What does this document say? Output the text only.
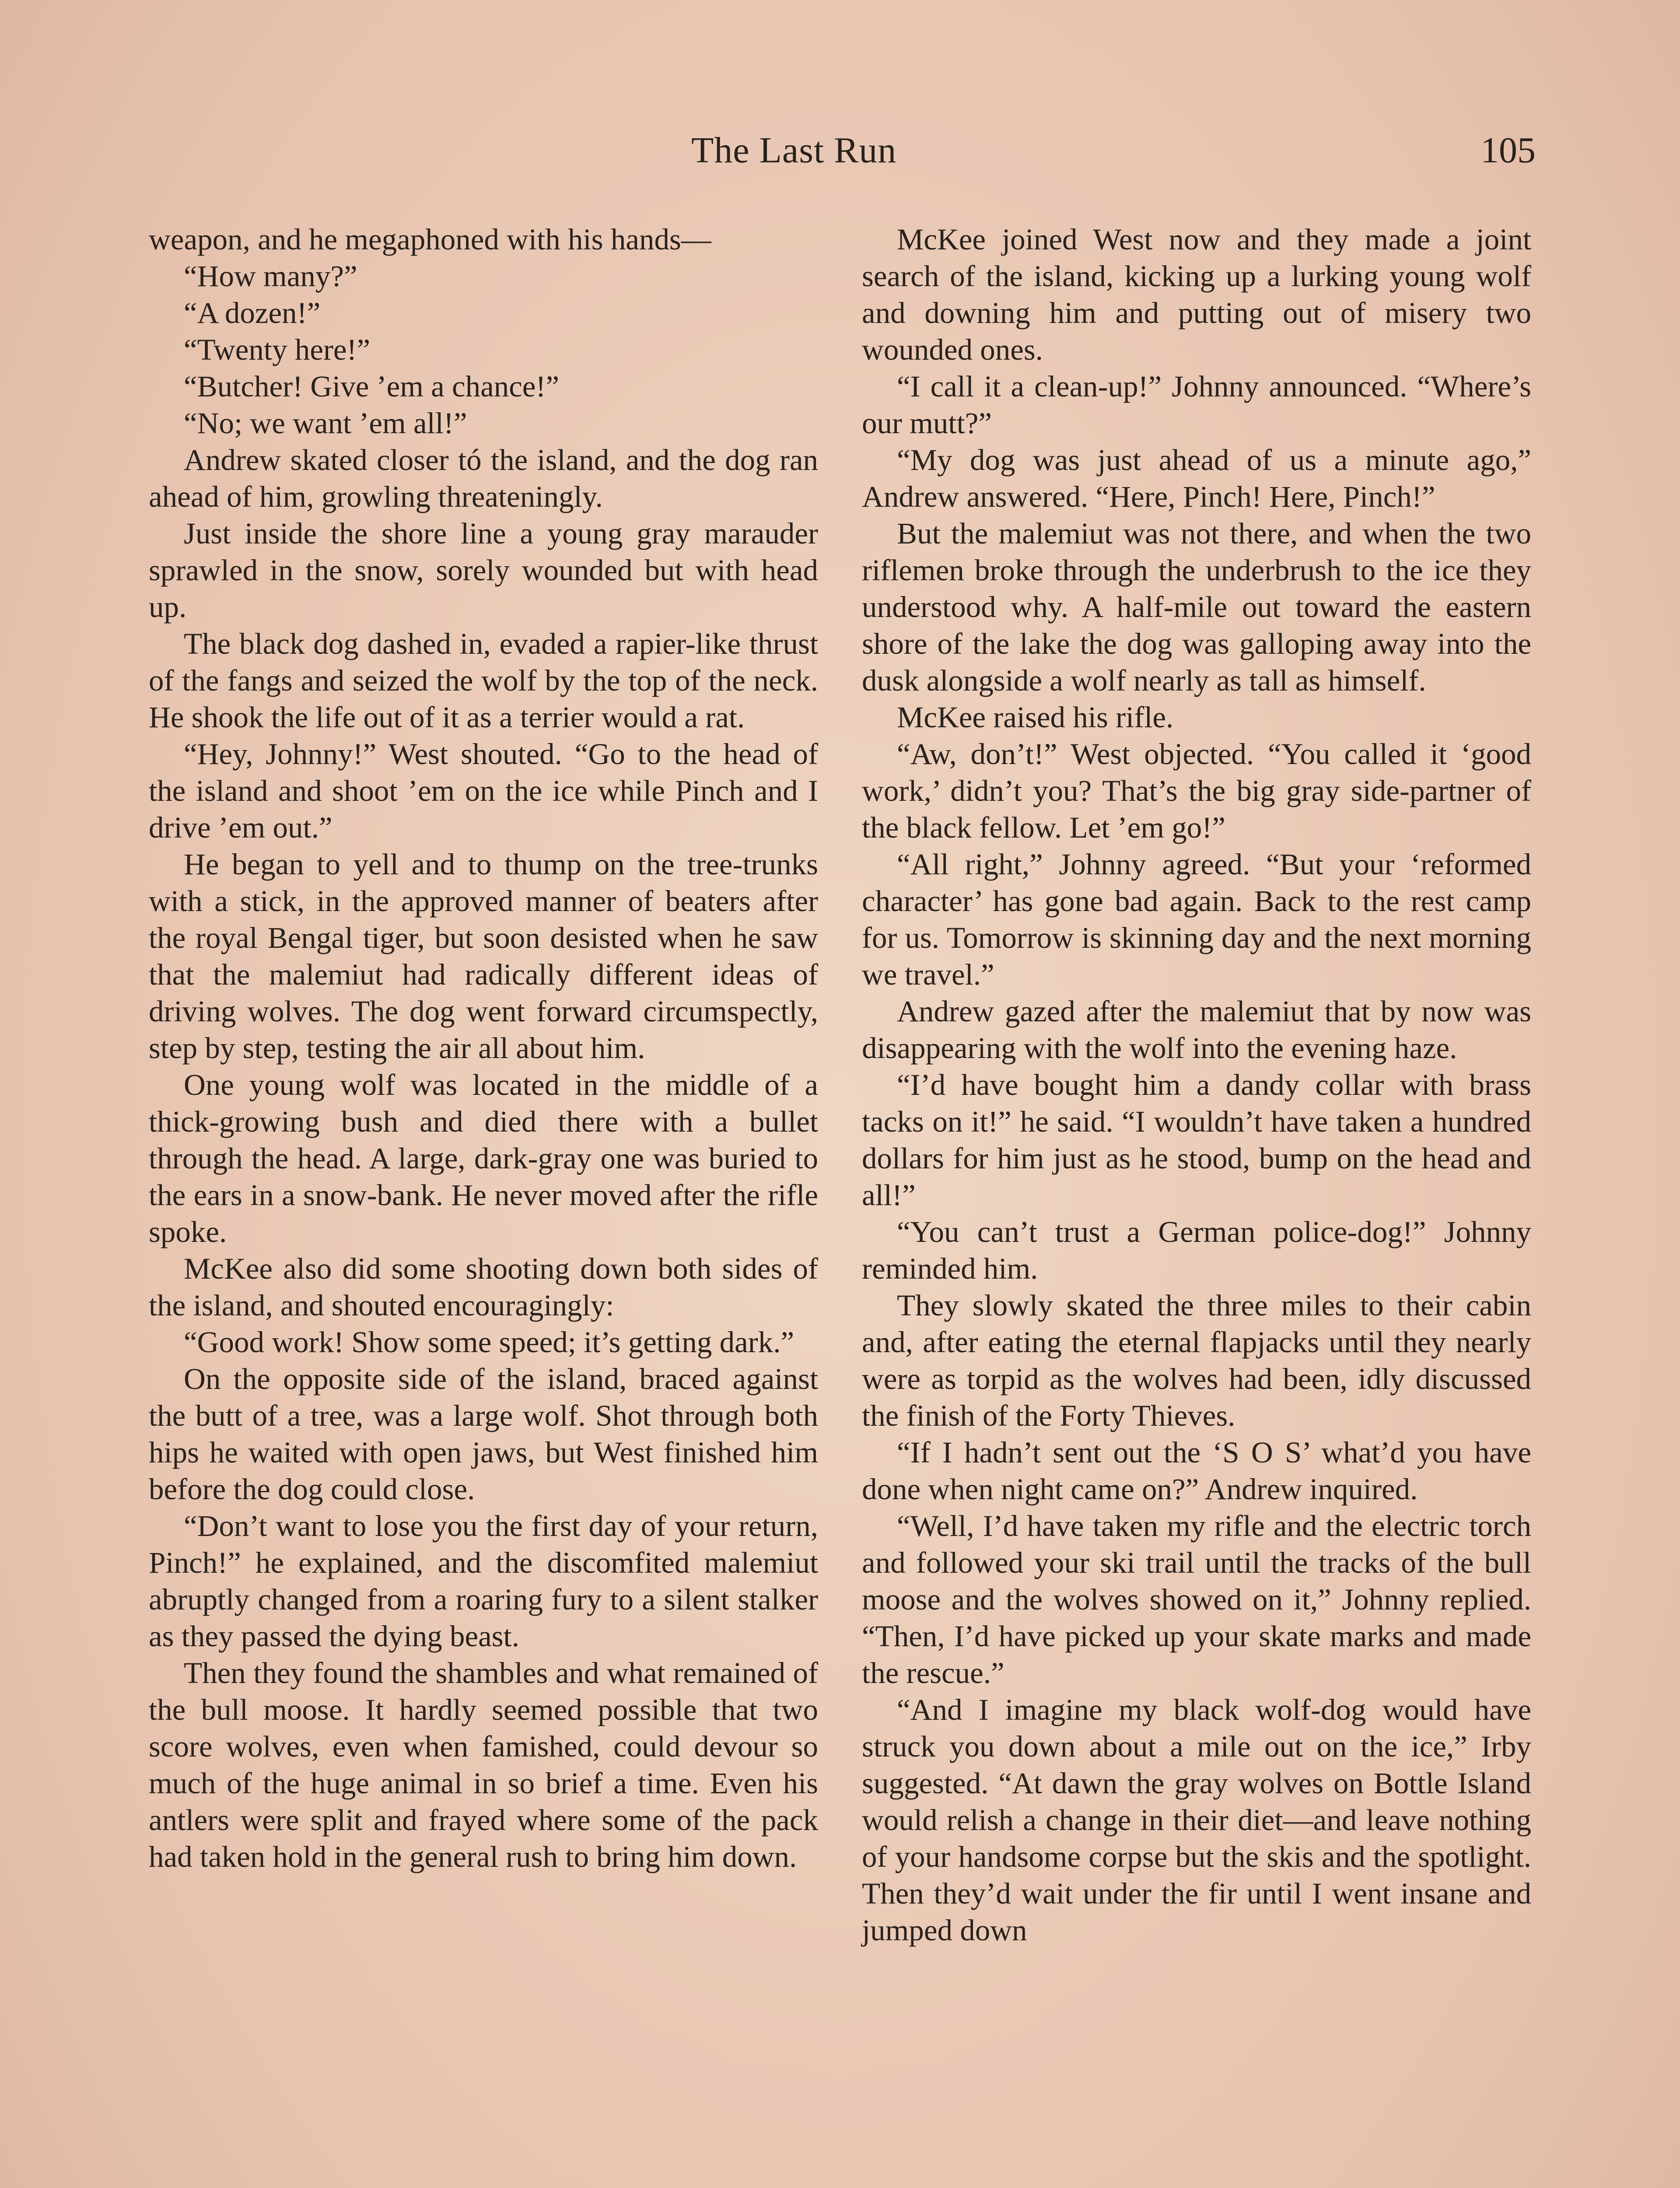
The Last Run	105

weapon, and he megaphoned with his hands—

“How many?”

“A dozen!”

“Twenty here!”

“Butcher! Give ’em a chance!”

“No; we want ’em all!”

Andrew skated closer tó the island, and the dog ran ahead of him, growling threateningly.

Just inside the shore line a young gray marauder sprawled in the snow, sorely wounded but with head up.

The black dog dashed in, evaded a rapier-like thrust of the fangs and seized the wolf by the top of the neck. He shook the life out of it as a terrier would a rat.

“Hey, Johnny!” West shouted. “Go to the head of the island and shoot ’em on the ice while Pinch and I drive ’em out.”

He began to yell and to thump on the tree-trunks with a stick, in the approved manner of beaters after the royal Bengal tiger, but soon desisted when he saw that the malemiut had radically different ideas of driving wolves. The dog went forward circumspectly, step by step, testing the air all about him.

One young wolf was located in the middle of a thick-growing bush and died there with a bullet through the head. A large, dark-gray one was buried to the ears in a snow-bank. He never moved after the rifle spoke.

McKee also did some shooting down both sides of the island, and shouted encouragingly:

“Good work! Show some speed; it’s getting dark.”

On the opposite side of the island, braced against the butt of a tree, was a large wolf. Shot through both hips he waited with open jaws, but West finished him before the dog could close.

“Don’t want to lose you the first day of your return, Pinch!” he explained, and the discomfited malemiut abruptly changed from a roaring fury to a silent stalker as they passed the dying beast.

Then they found the shambles and what remained of the bull moose. It hardly seemed possible that two score wolves, even when famished, could devour so much of the huge animal in so brief a time. Even his antlers were split and frayed where some of the pack had taken hold in the general rush to bring him down.

McKee joined West now and they made a joint search of the island, kicking up a lurking young wolf and downing him and putting out of misery two wounded ones.

“I call it a clean-up!” Johnny announced. “Where’s our mutt?”

“My dog was just ahead of us a minute ago,” Andrew answered. “Here, Pinch! Here, Pinch!”

But the malemiut was not there, and when the two riflemen broke through the underbrush to the ice they understood why. A half-mile out toward the eastern shore of the lake the dog was galloping away into the dusk alongside a wolf nearly as tall as himself.

McKee raised his rifle.

“Aw, don’t!” West objected. “You called it ‘good work,’ didn’t you? That’s the big gray side-partner of the black fellow. Let ’em go!”

“All right,” Johnny agreed. “But your ‘reformed character’ has gone bad again. Back to the rest camp for us. Tomorrow is skinning day and the next morning we travel.”

Andrew gazed after the malemiut that by now was disappearing with the wolf into the evening haze.

“I’d have bought him a dandy collar with brass tacks on it!” he said. “I wouldn’t have taken a hundred dollars for him just as he stood, bump on the head and all!”

“You can’t trust a German police-dog!” Johnny reminded him.

They slowly skated the three miles to their cabin and, after eating the eternal flapjacks until they nearly were as torpid as the wolves had been, idly discussed the finish of the Forty Thieves.

“If I hadn’t sent out the ‘S O S’ what’d you have done when night came on?” Andrew inquired.

“Well, I’d have taken my rifle and the electric torch and followed your ski trail until the tracks of the bull moose and the wolves showed on it,” Johnny replied. “Then, I’d have picked up your skate marks and made the rescue.”

“And I imagine my black wolf-dog would have struck you down about a mile out on the ice,” Irby suggested. “At dawn the gray wolves on Bottle Island would relish a change in their diet—and leave nothing of your handsome corpse but the skis and the spotlight. Then they’d wait under the fir until I went insane and jumped down
